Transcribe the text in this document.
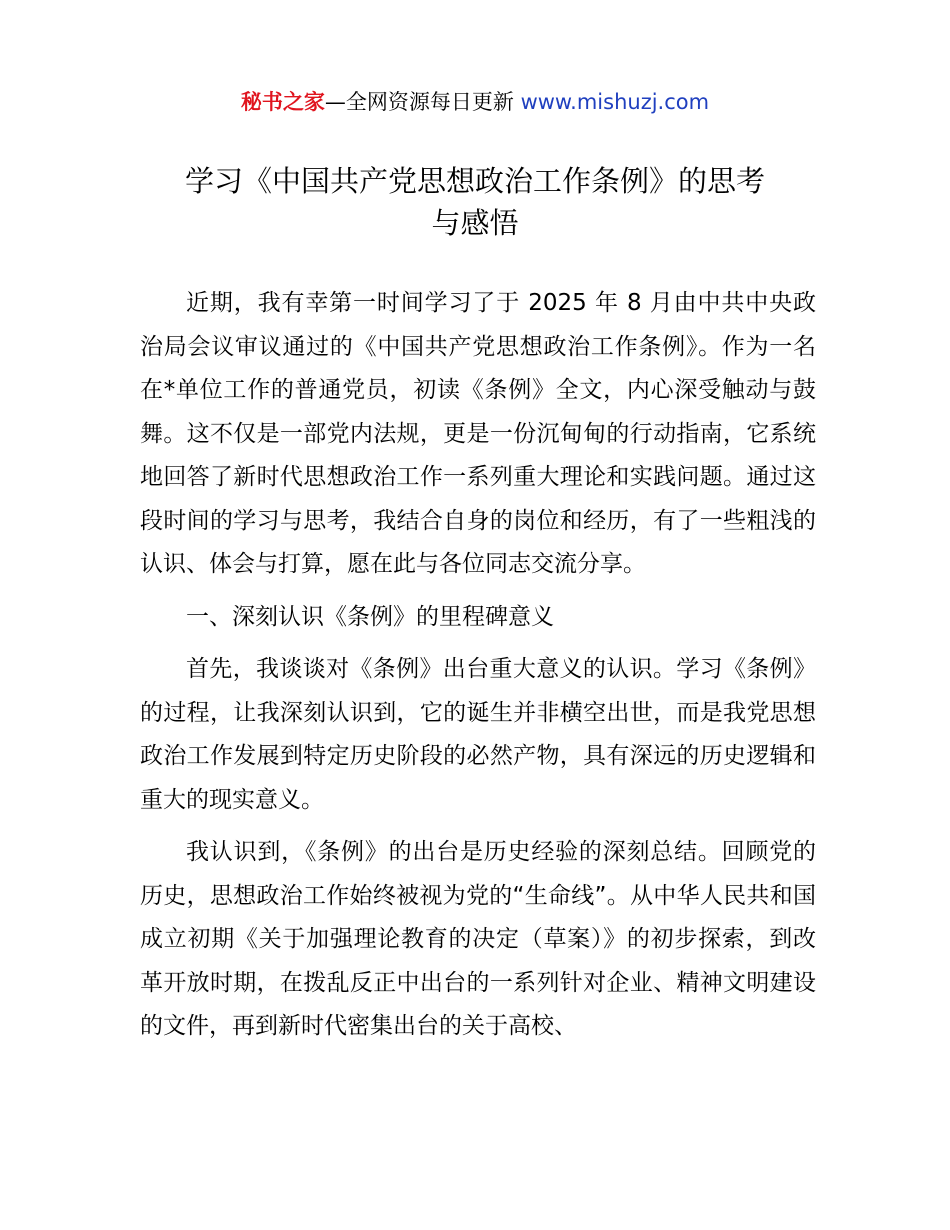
秘书之家—全网资源每日更新 www.mishuzj.com
学习《中国共产党思想政治工作条例》的思考
与感悟

近期，我有幸第一时间学习了于 2025 年 8 月由中共中央政治局会议审议通过的《中国共产党思想政治工作条例》。作为一名在*单位工作的普通党员，初读《条例》全文，内心深受触动与鼓舞。这不仅是一部党内法规，更是一份沉甸甸的行动指南，它系统地回答了新时代思想政治工作一系列重大理论和实践问题。通过这段时间的学习与思考，我结合自身的岗位和经历，有了一些粗浅的认识、体会与打算，愿在此与各位同志交流分享。

一、深刻认识《条例》的里程碑意义

首先，我谈谈对《条例》出台重大意义的认识。学习《条例》的过程，让我深刻认识到，它的诞生并非横空出世，而是我党思想政治工作发展到特定历史阶段的必然产物，具有深远的历史逻辑和重大的现实意义。

我认识到，《条例》的出台是历史经验的深刻总结。回顾党的历史，思想政治工作始终被视为党的“生命线”。从中华人民共和国成立初期《关于加强理论教育的决定（草案）》的初步探索，到改革开放时期，在拨乱反正中出台的一系列针对企业、精神文明建设的文件，再到新时代密集出台的关于高校、
